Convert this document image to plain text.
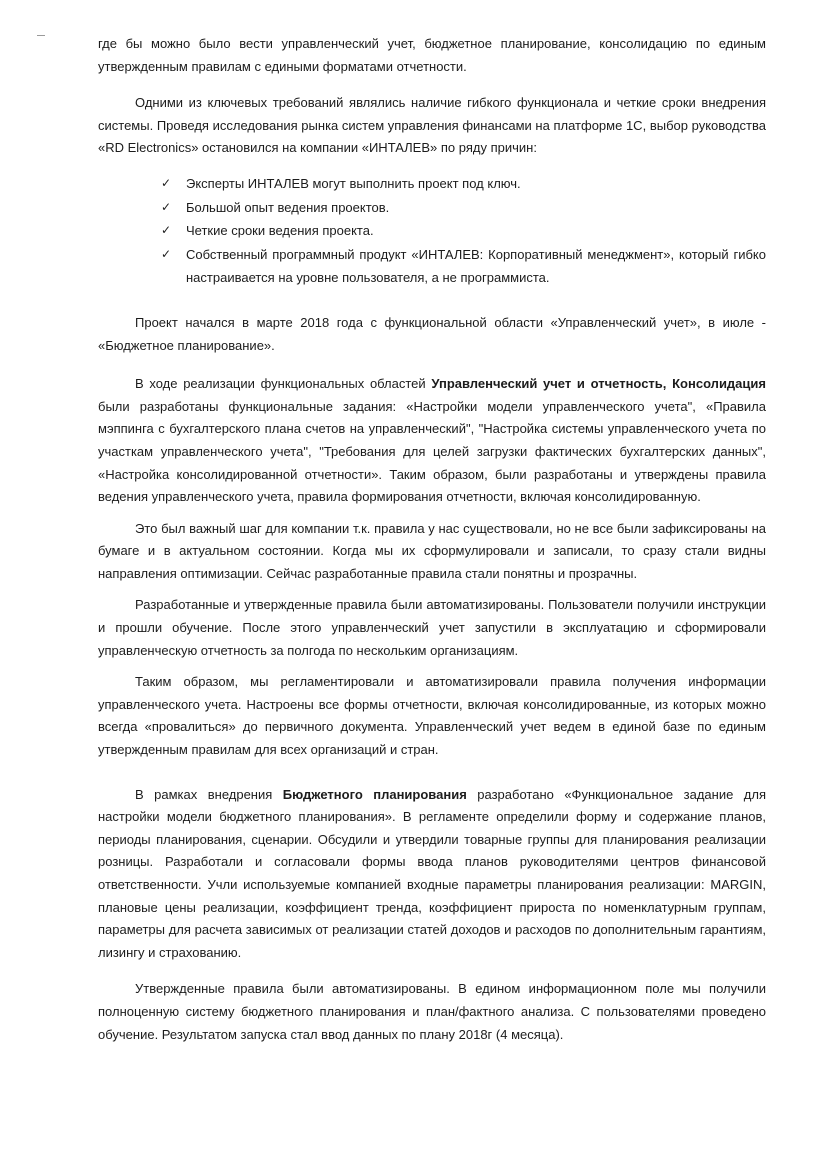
где бы можно было вести управленческий учет, бюджетное планирование, консолидацию по единым утвержденным правилам с едиными форматами отчетности.

Одними из ключевых требований являлись наличие гибкого функционала и четкие сроки внедрения системы. Проведя исследования рынка систем управления финансами на платформе 1С, выбор руководства «RD Electronics» остановился на компании «ИНТАЛЕВ» по ряду причин:

✓ Эксперты ИНТАЛЕВ могут выполнить проект под ключ.
✓ Большой опыт ведения проектов.
✓ Четкие сроки ведения проекта.
✓ Собственный программный продукт «ИНТАЛЕВ: Корпоративный менеджмент», который гибко настраивается на уровне пользователя, а не программиста.

Проект начался в марте 2018 года с функциональной области «Управленческий учет», в июле - «Бюджетное планирование».

В ходе реализации функциональных областей Управленческий учет и отчетность, Консолидация были разработаны функциональные задания: «Настройки модели управленческого учета", «Правила мэппинга с бухгалтерского плана счетов на управленческий", "Настройка системы управленческого учета по участкам управленческого учета", "Требования для целей загрузки фактических бухгалтерских данных", «Настройка консолидированной отчетности». Таким образом, были разработаны и утверждены правила ведения управленческого учета, правила формирования отчетности, включая консолидированную.

Это был важный шаг для компании т.к. правила у нас существовали, но не все были зафиксированы на бумаге и в актуальном состоянии. Когда мы их сформулировали и записали, то сразу стали видны направления оптимизации. Сейчас разработанные правила стали понятны и прозрачны.

Разработанные и утвержденные правила были автоматизированы. Пользователи получили инструкции и прошли обучение. После этого управленческий учет запустили в эксплуатацию и сформировали управленческую отчетность за полгода по нескольким организациям.

Таким образом, мы регламентировали и автоматизировали правила получения информации управленческого учета. Настроены все формы отчетности, включая консолидированные, из которых можно всегда «провалиться» до первичного документа. Управленческий учет ведем в единой базе по единым утвержденным правилам для всех организаций и стран.

В рамках внедрения Бюджетного планирования разработано «Функциональное задание для настройки модели бюджетного планирования». В регламенте определили форму и содержание планов, периоды планирования, сценарии. Обсудили и утвердили товарные группы для планирования реализации розницы. Разработали и согласовали формы ввода планов руководителями центров финансовой ответственности. Учли используемые компанией входные параметры планирования реализации: MARGIN, плановые цены реализации, коэффициент тренда, коэффициент прироста по номенклатурным группам, параметры для расчета зависимых от реализации статей доходов и расходов по дополнительным гарантиям, лизингу и страхованию.

Утвержденные правила были автоматизированы. В едином информационном поле мы получили полноценную систему бюджетного планирования и план/фактного анализа. С пользователями проведено обучение. Результатом запуска стал ввод данных по плану 2018г (4 месяца).
